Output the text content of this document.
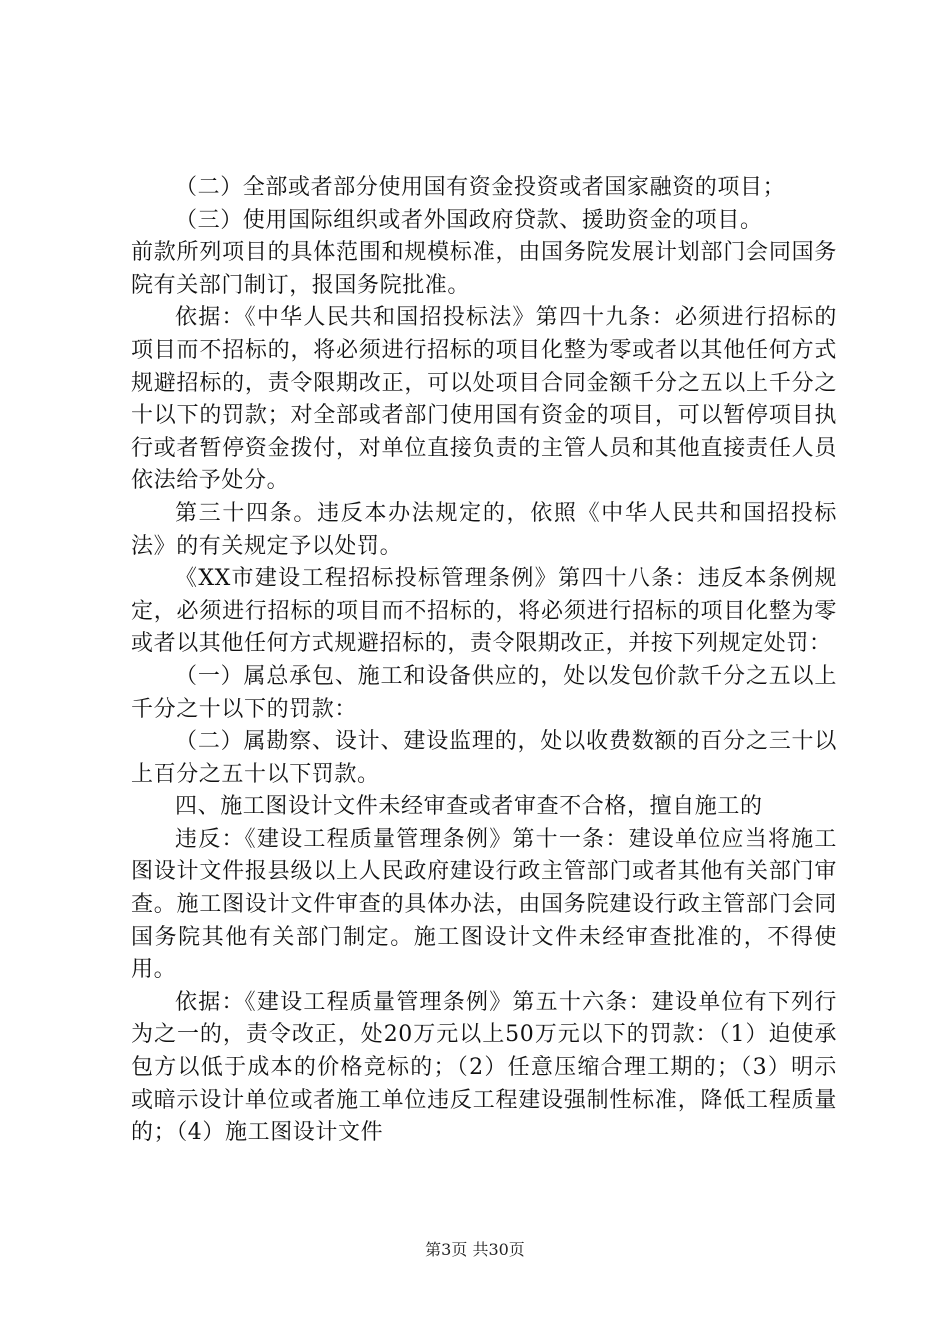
（二）全部或者部分使用国有资金投资或者国家融资的项目；

（三）使用国际组织或者外国政府贷款、援助资金的项目。

前款所列项目的具体范围和规模标准，由国务院发展计划部门会同国务院有关部门制订，报国务院批准。

依据：《中华人民共和国招投标法》第四十九条：必须进行招标的项目而不招标的，将必须进行招标的项目化整为零或者以其他任何方式规避招标的，责令限期改正，可以处项目合同金额千分之五以上千分之十以下的罚款；对全部或者部门使用国有资金的项目，可以暂停项目执行或者暂停资金拨付，对单位直接负责的主管人员和其他直接责任人员依法给予处分。

第三十四条。违反本办法规定的，依照《中华人民共和国招投标法》的有关规定予以处罚。

《XX市建设工程招标投标管理条例》第四十八条：违反本条例规定，必须进行招标的项目而不招标的，将必须进行招标的项目化整为零或者以其他任何方式规避招标的，责令限期改正，并按下列规定处罚：

（一）属总承包、施工和设备供应的，处以发包价款千分之五以上千分之十以下的罚款：

（二）属勘察、设计、建设监理的，处以收费数额的百分之三十以上百分之五十以下罚款。

四、施工图设计文件未经审查或者审查不合格，擅自施工的

违反：《建设工程质量管理条例》第十一条：建设单位应当将施工图设计文件报县级以上人民政府建设行政主管部门或者其他有关部门审查。施工图设计文件审查的具体办法，由国务院建设行政主管部门会同国务院其他有关部门制定。施工图设计文件未经审查批准的，不得使用。

依据：《建设工程质量管理条例》第五十六条：建设单位有下列行为之一的，责令改正，处20万元以上50万元以下的罚款：（1）迫使承包方以低于成本的价格竞标的；（2）任意压缩合理工期的；（3）明示或暗示设计单位或者施工单位违反工程建设强制性标准，降低工程质量的；（4）施工图设计文件

第3页 共30页
